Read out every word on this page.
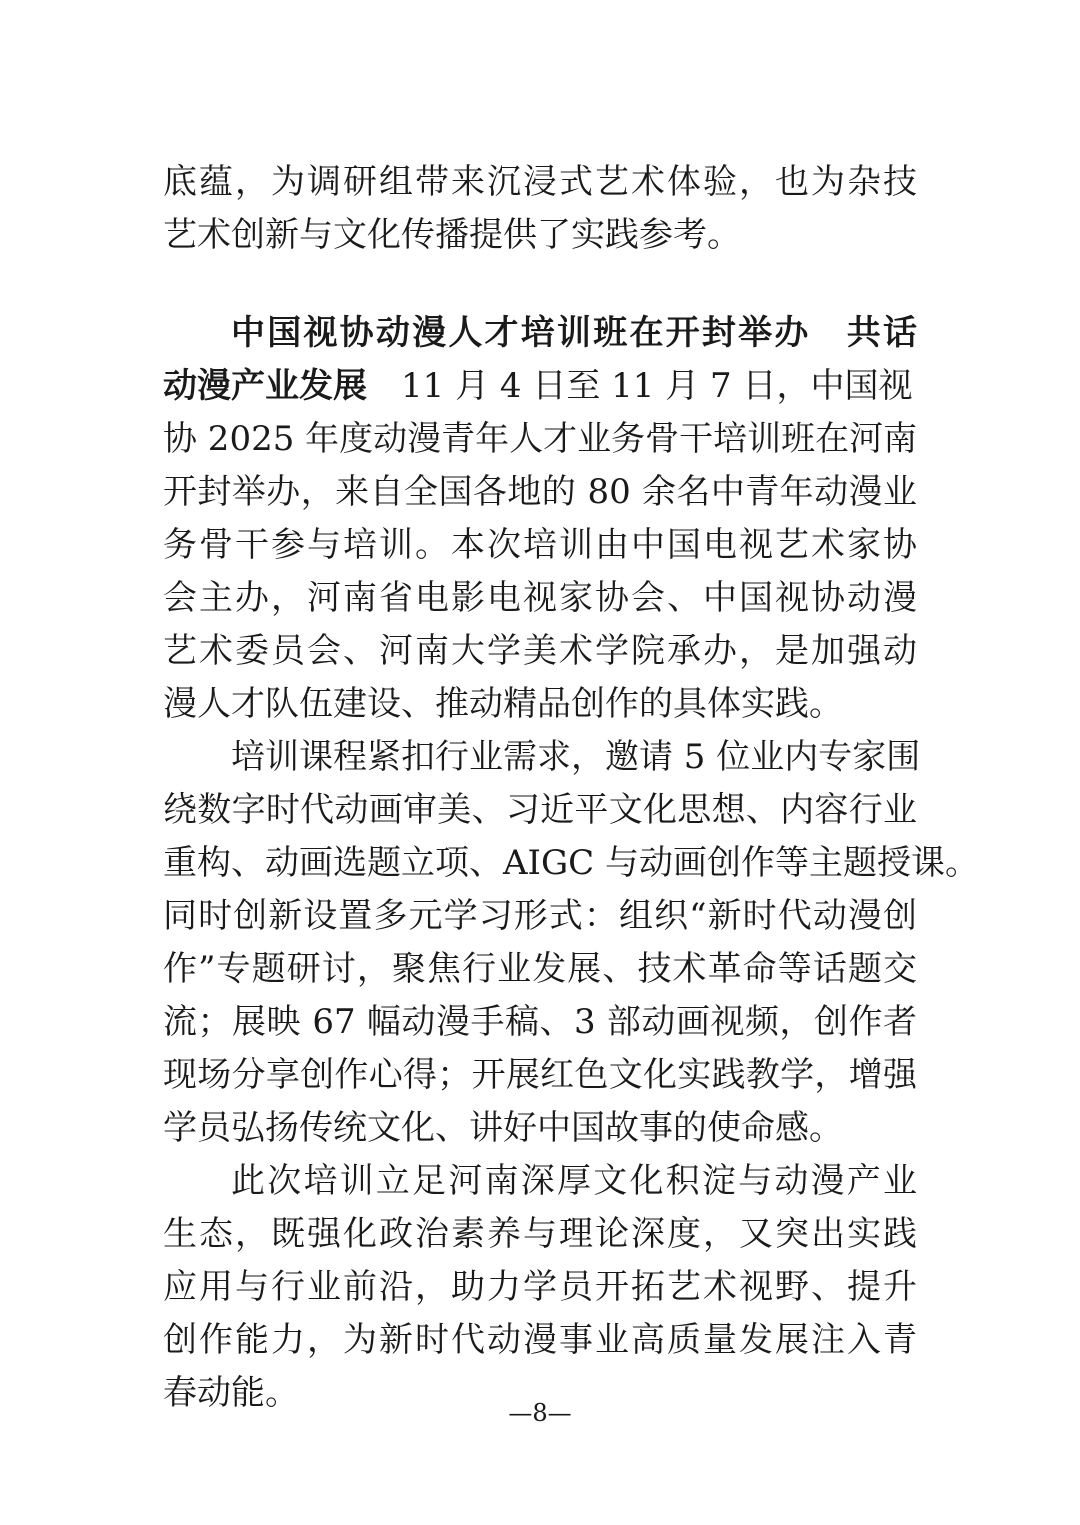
底蕴，为调研组带来沉浸式艺术体验，也为杂技
艺术创新与文化传播提供了实践参考。
中国视协动漫人才培训班在开封举办　共话
动漫产业发展 11 月 4 日至 11 月 7 日，中国视
协 2025 年度动漫青年人才业务骨干培训班在河南
开封举办，来自全国各地的 80 余名中青年动漫业
务骨干参与培训。本次培训由中国电视艺术家协
会主办，河南省电影电视家协会、中国视协动漫
艺术委员会、河南大学美术学院承办，是加强动
漫人才队伍建设、推动精品创作的具体实践。
培训课程紧扣行业需求，邀请 5 位业内专家围
绕数字时代动画审美、习近平文化思想、内容行业
重构、动画选题立项、AIGC 与动画创作等主题授课。
同时创新设置多元学习形式：组织“新时代动漫创
作”专题研讨，聚焦行业发展、技术革命等话题交
流；展映 67 幅动漫手稿、3 部动画视频，创作者
现场分享创作心得；开展红色文化实践教学，增强
学员弘扬传统文化、讲好中国故事的使命感。
此次培训立足河南深厚文化积淀与动漫产业
生态，既强化政治素养与理论深度，又突出实践
应用与行业前沿，助力学员开拓艺术视野、提升
创作能力，为新时代动漫事业高质量发展注入青
春动能。	—8—
